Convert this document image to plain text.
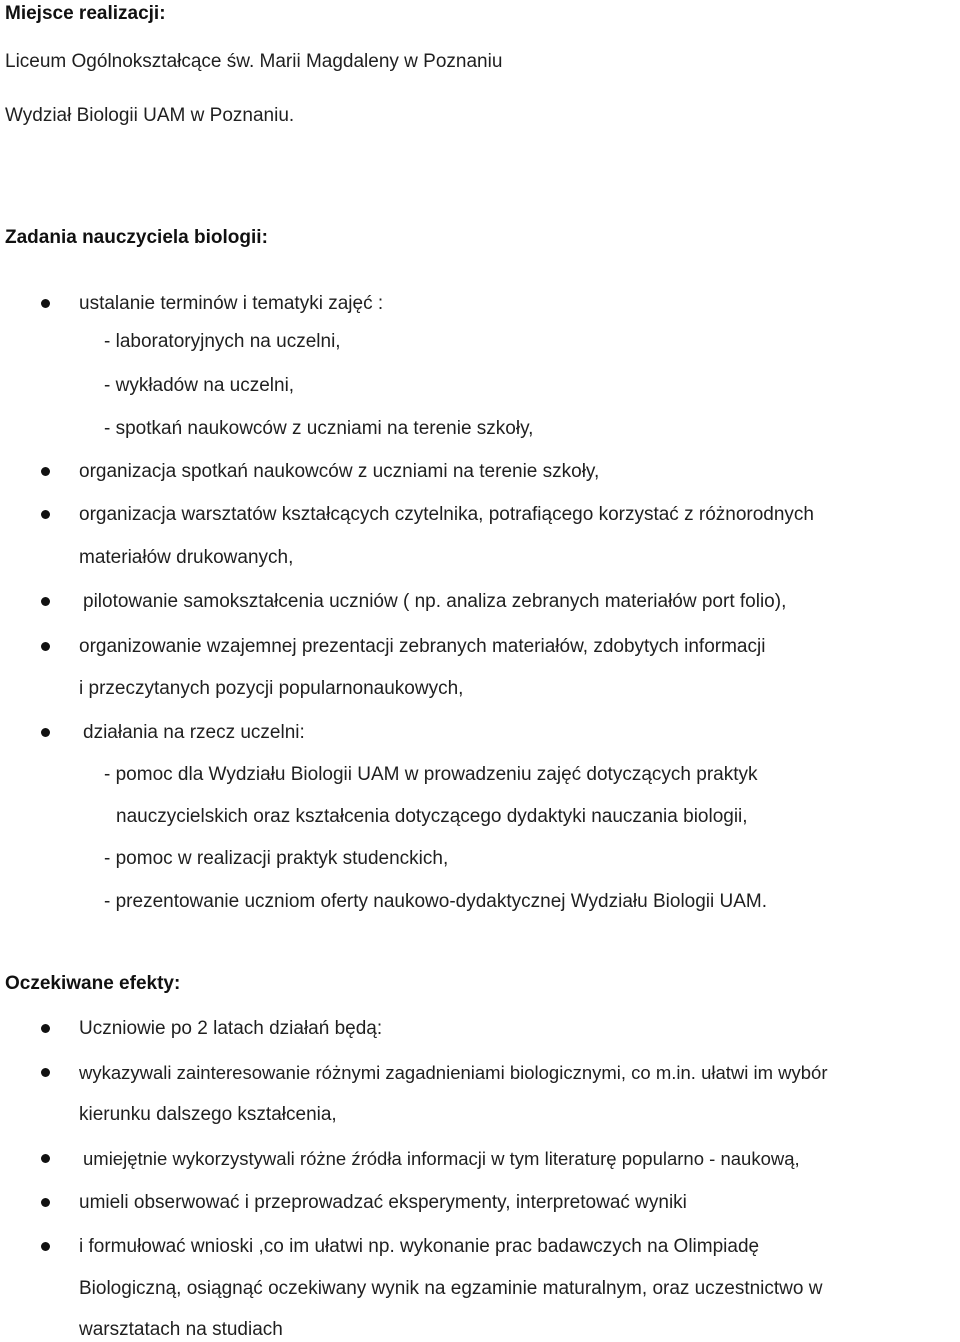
Miejsce realizacji:
Liceum Ogólnokształcące św. Marii Magdaleny w Poznaniu
Wydział Biologii UAM w Poznaniu.
Zadania nauczyciela biologii:
ustalanie terminów i tematyki zajęć :
- laboratoryjnych na uczelni,
- wykładów na uczelni,
- spotkań naukowców z uczniami na terenie szkoły,
organizacja spotkań naukowców z uczniami na terenie szkoły,
organizacja warsztatów kształcących czytelnika, potrafiącego korzystać z różnorodnych
materiałów drukowanych,
pilotowanie samokształcenia uczniów ( np. analiza zebranych materiałów port folio),
organizowanie wzajemnej prezentacji zebranych materiałów, zdobytych informacji
i przeczytanych pozycji popularnonaukowych,
działania na rzecz uczelni:
- pomoc dla Wydziału Biologii UAM w prowadzeniu zajęć dotyczących praktyk
nauczycielskich oraz kształcenia dotyczącego dydaktyki nauczania biologii,
- pomoc w realizacji praktyk studenckich,
- prezentowanie uczniom oferty naukowo-dydaktycznej Wydziału Biologii UAM.
Oczekiwane efekty:
Uczniowie po 2 latach działań będą:
wykazywali zainteresowanie różnymi zagadnieniami biologicznymi, co m.in. ułatwi im wybór
kierunku dalszego kształcenia,
umiejętnie wykorzystywali różne źródła informacji w tym literaturę popularno - naukową,
umieli obserwować i przeprowadzać eksperymenty, interpretować wyniki
i formułować wnioski ,co im ułatwi np. wykonanie prac badawczych na Olimpiadę
Biologiczną, osiągnąć oczekiwany wynik na egzaminie maturalnym, oraz uczestnictwo w
warsztatach na studiach
